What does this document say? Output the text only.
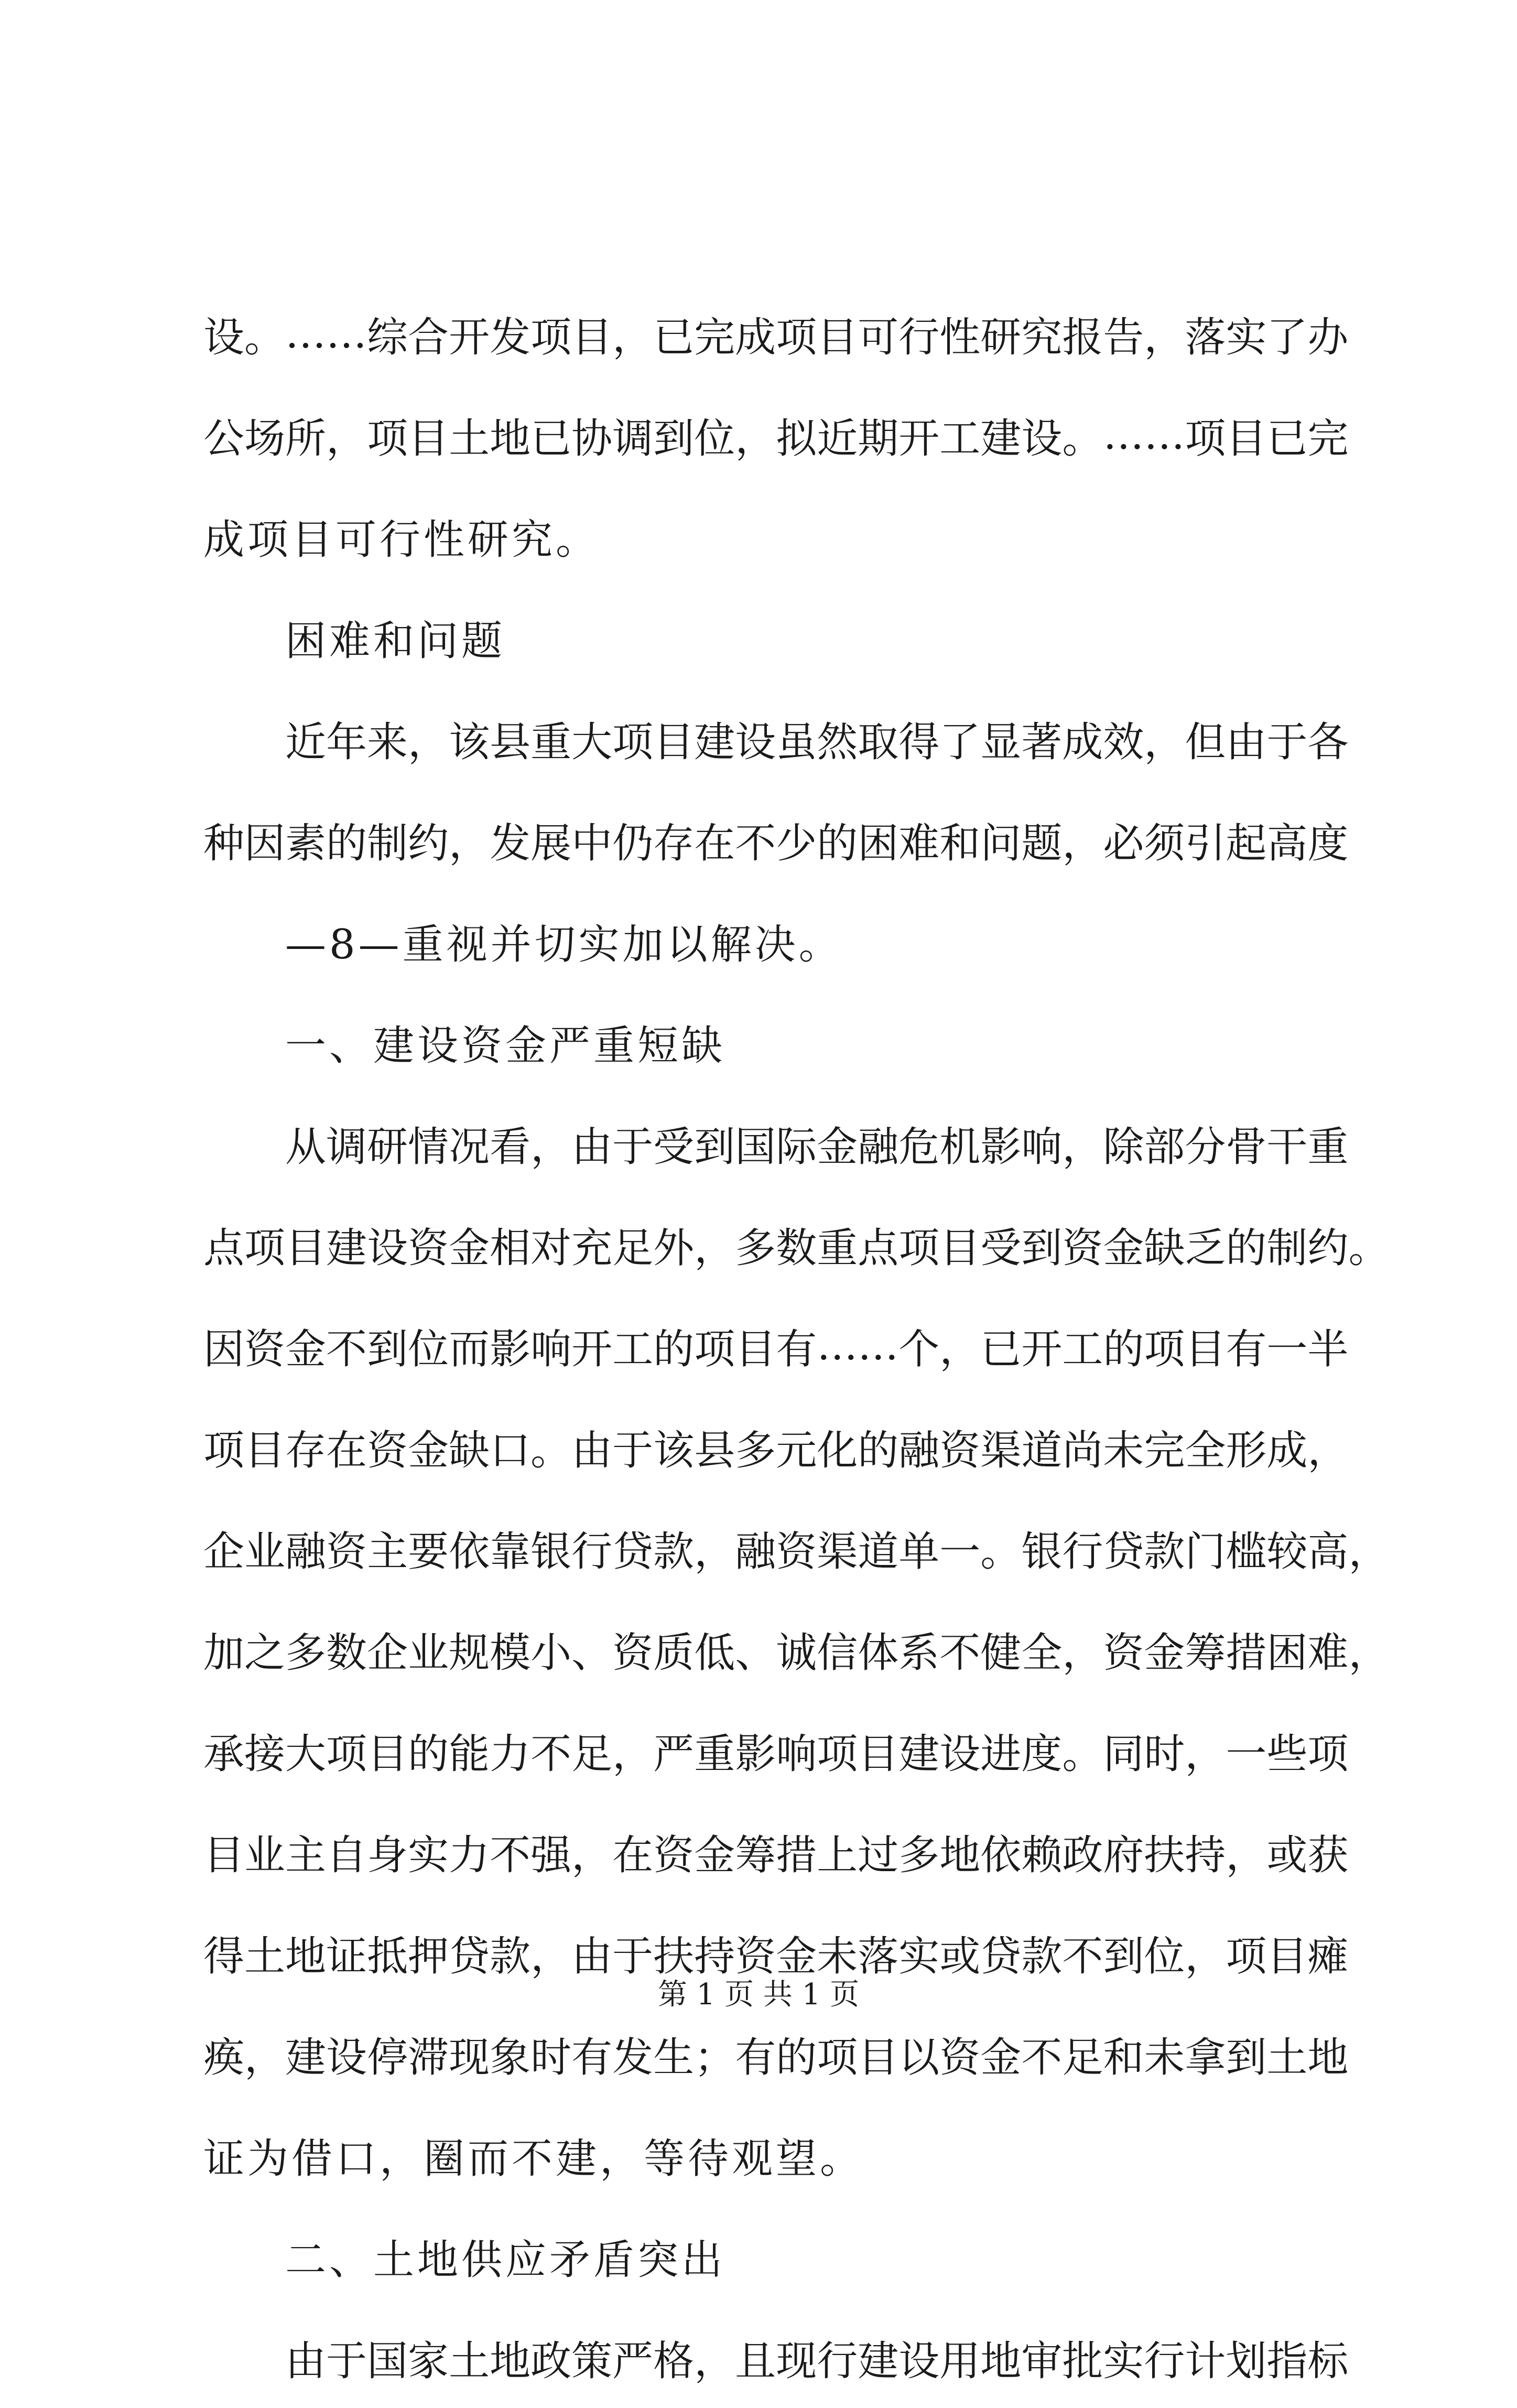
设 。 … … 综 合 开 发 项 目 ， 已 完 成 项 目 可 行 性 研 究 报 告 ， 落 实 了 办
公 场 所 ， 项 目 土 地 已 协 调 到 位 ， 拟 近 期 开 工 建 设 。 … … 项 目 已 完
成项目可行性研究。
困难和问题
近 年 来 ， 该 县 重 大 项 目 建 设 虽 然 取 得 了 显 著 成 效 ， 但 由 于 各
种 因 素 的 制 约 ， 发 展 中 仍 存 在 不 少 的 困 难 和 问 题 ， 必 须 引 起 高 度
—8—重视并切实加以解决。
一、建设资金严重短缺
从 调 研 情 况 看 ， 由 于 受 到 国 际 金 融 危 机 影 响 ， 除 部 分 骨 干 重
点 项 目 建 设 资 金 相 对 充 足 外 ， 多 数 重 点 项 目 受 到 资 金 缺 乏 的 制 约 。
因 资 金 不 到 位 而 影 响 开 工 的 项 目 有 … … 个 ， 已 开 工 的 项 目 有 一 半
项 目 存 在 资 金 缺 口 。 由 于 该 县 多 元 化 的 融 资 渠 道 尚 未 完 全 形 成 ，
企 业 融 资 主 要 依 靠 银 行 贷 款 ， 融 资 渠 道 单 一 。 银 行 贷 款 门 槛 较 高 ，
加 之 多 数 企 业 规 模 小 、 资 质 低 、 诚 信 体 系 不 健 全 ， 资 金 筹 措 困 难 ，
承 接 大 项 目 的 能 力 不 足 ， 严 重 影 响 项 目 建 设 进 度 。 同 时 ， 一 些 项
目 业 主 自 身 实 力 不 强 ， 在 资 金 筹 措 上 过 多 地 依 赖 政 府 扶 持 ， 或 获
得 土 地 证 抵 押 贷 款 ， 由 于 扶 持 资 金 未 落 实 或 贷 款 不 到 位 ， 项 目 瘫
痪 ， 建 设 停 滞 现 象 时 有 发 生 ； 有 的 项 目 以 资 金 不 足 和 未 拿 到 土 地
证为借口，圈而不建，等待观望。
二、土地供应矛盾突出
由 于 国 家 土 地 政 策 严 格 ， 且 现 行 建 设 用 地 审 批 实 行 计 划 指 标
第 1 页 共 1 页
